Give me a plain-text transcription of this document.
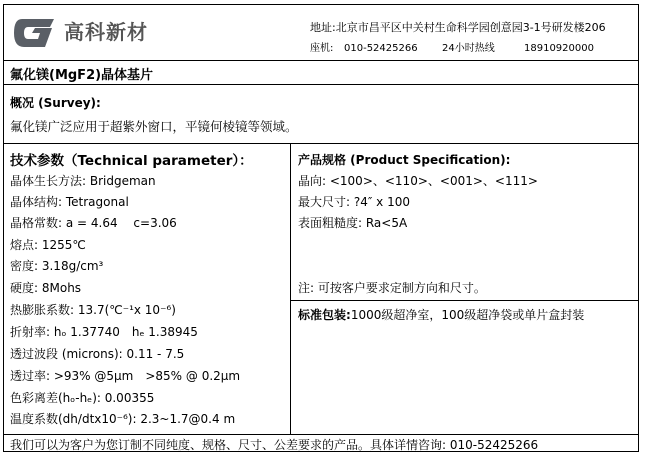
高科新材	地址:北京市昌平区中关村生命科学园创意园3-1号研发楼206
座机: 010-52425266 24小时热线	18910920000
氟化镁(MgF2)晶体基片
概况 (Survey):
氟化镁广泛应用于超紫外窗口，平镜何棱镜等领域。
技术参数（Technical parameter）：
晶体生长方法: Bridgeman
晶体结构: Tetragonal
晶格常数: a = 4.64　 c=3.06
熔点: 1255℃
密度: 3.18g/cm³
硬度: 8Mohs
热膨胀系数: 13.7(℃⁻¹x 10⁻⁶)
折射率: hₒ 1.37740　hₑ 1.38945
透过波段 (microns): 0.11 - 7.5
透过率: >93% @5μm　>85% @ 0.2μm
色彩离差(hₒ-hₑ): 0.00355
温度系数(dh/dtx10⁻⁶): 2.3~1.7@0.4 m
产品规格 (Product Specification):
晶向: <100>、<110>、<001>、<111>
最大尺寸: ?4″ x 100
表面粗糙度: Ra<5A
注: 可按客户要求定制方向和尺寸。
标准包装:1000级超净室，100级超净袋或单片盒封装
我们可以为客户为您订制不同纯度、规格、尺寸、公差要求的产品。具体详情咨询: 010-52425266
